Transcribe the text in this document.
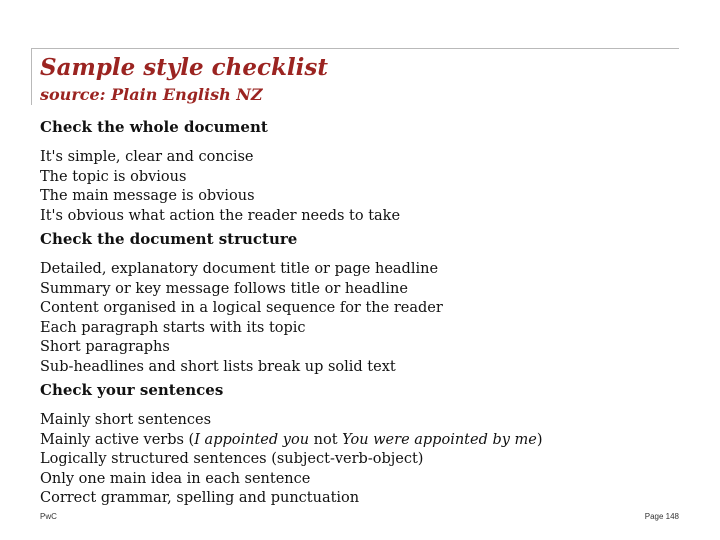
Sample style checklist
source: Plain English NZ
Check the whole document
It's simple, clear and concise
The topic is obvious
The main message is obvious
It's obvious what action the reader needs to take
Check the document structure
Detailed, explanatory document title or page headline
Summary or key message follows title or headline
Content organised in a logical sequence for the reader
Each paragraph starts with its topic
Short paragraphs
Sub-headlines and short lists break up solid text
Check your sentences
Mainly short sentences
Mainly active verbs (I appointed you not You were appointed by me)
Logically structured sentences (subject-verb-object)
Only one main idea in each sentence
Correct grammar, spelling and punctuation
PwC	Page 148
